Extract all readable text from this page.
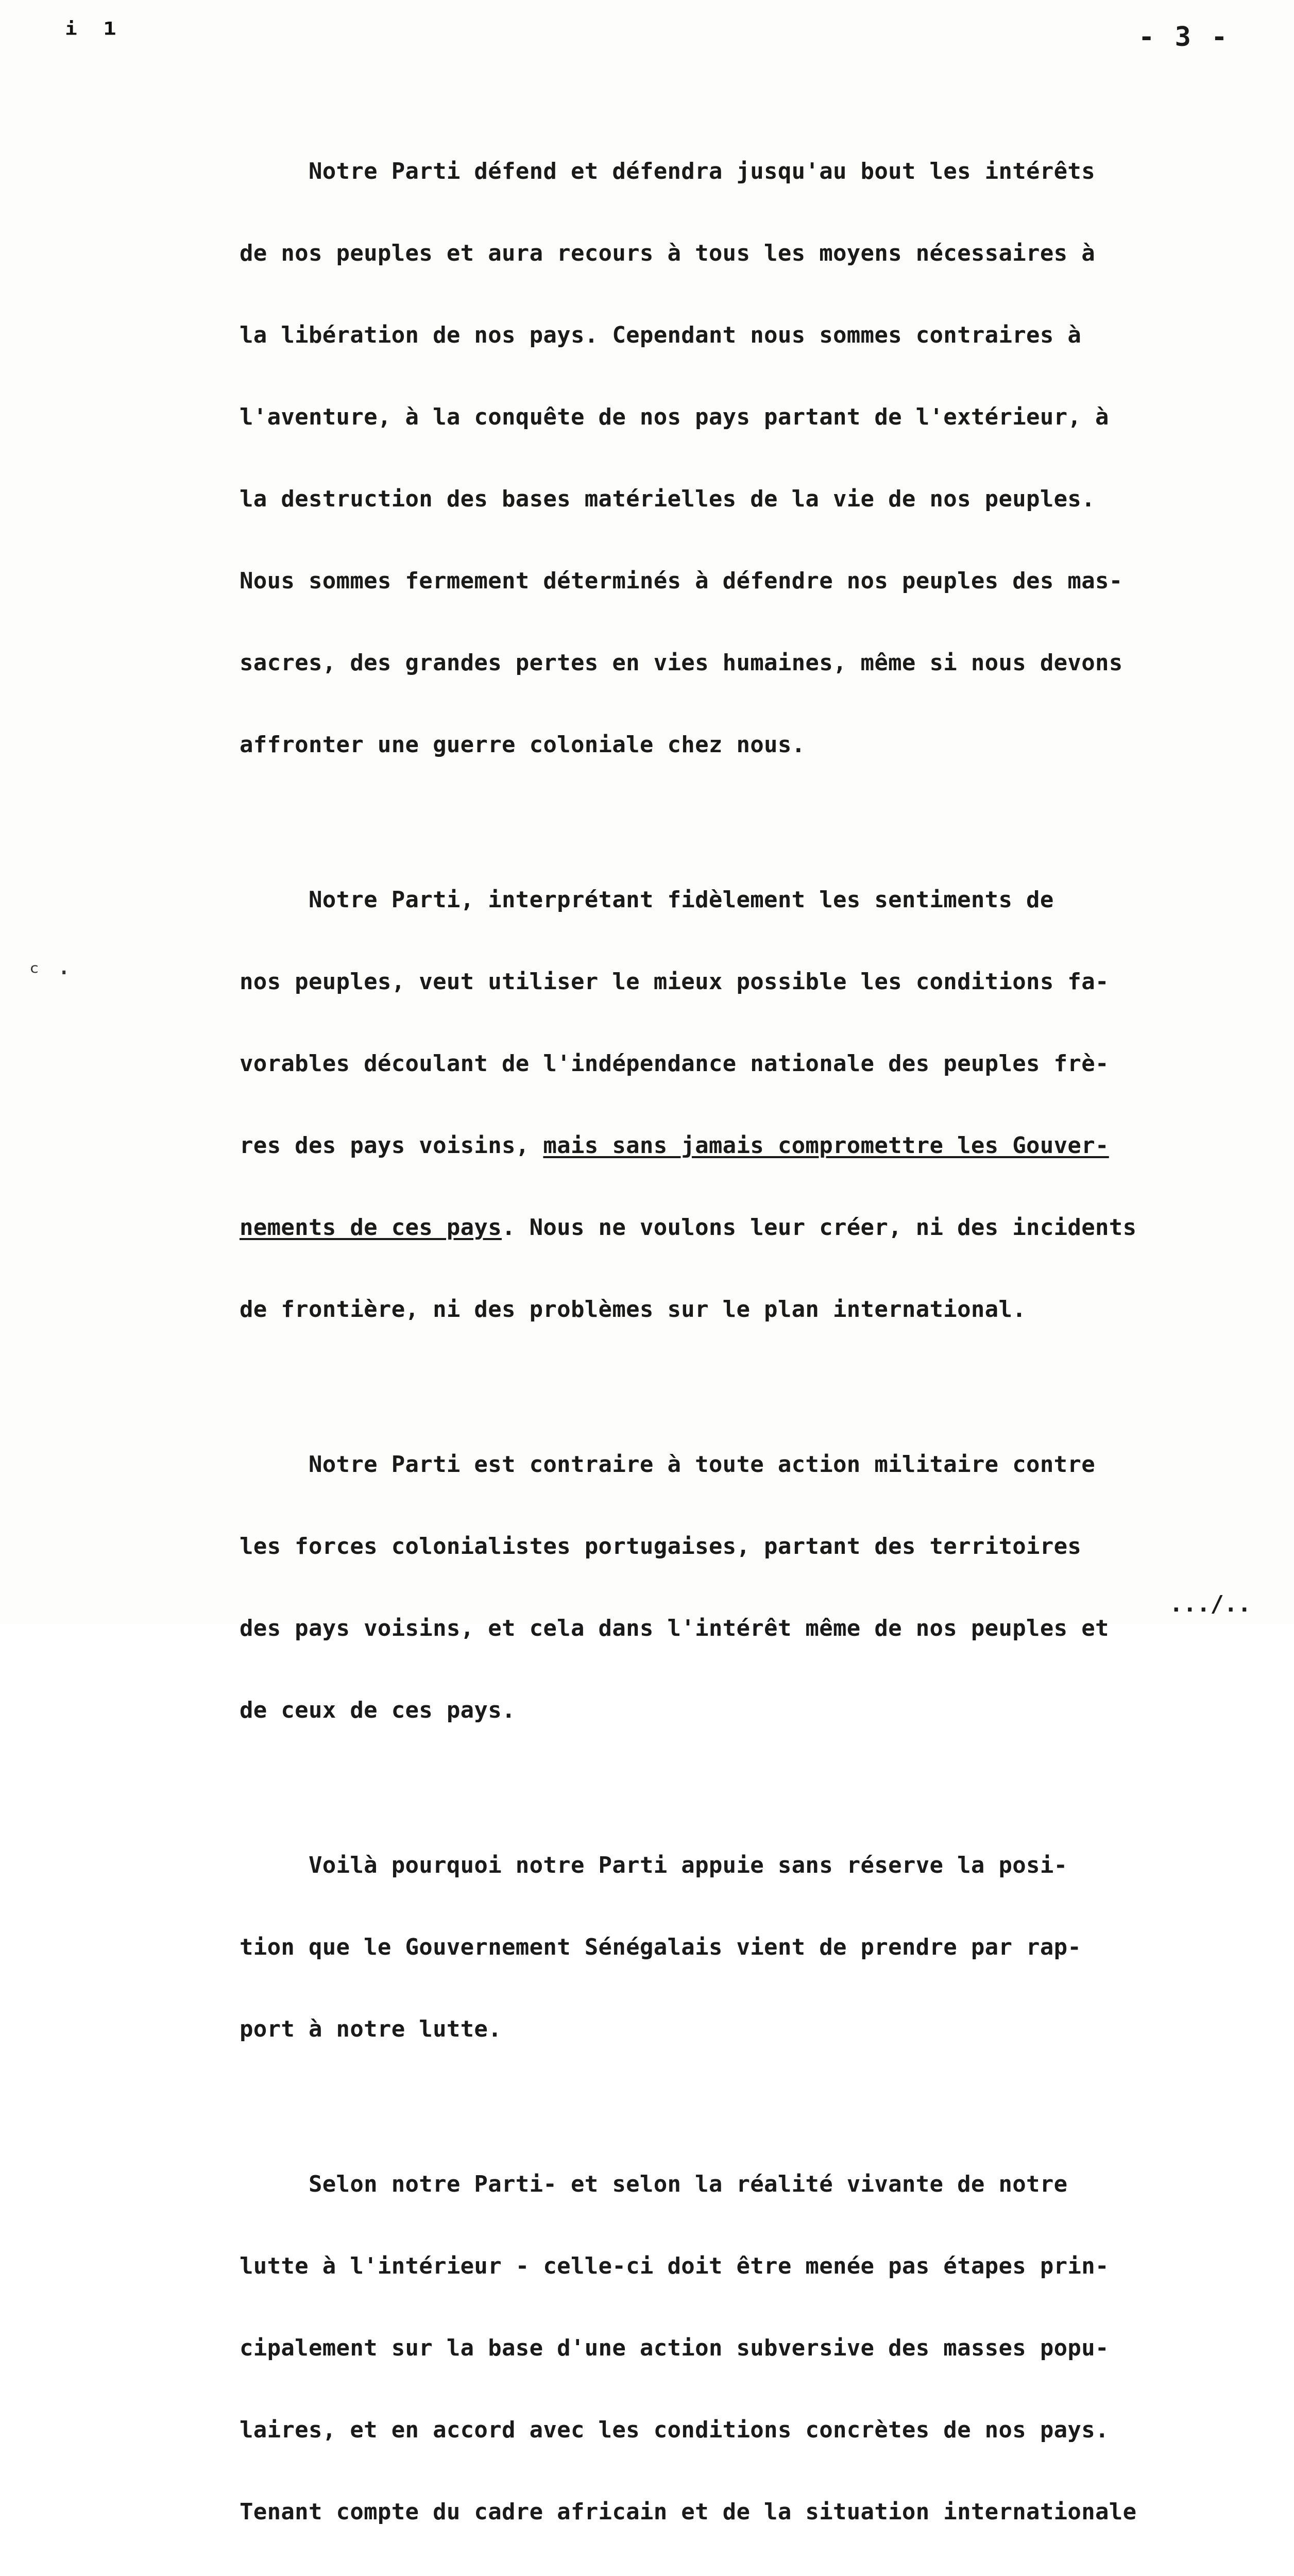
ⁱ ¹
ᶜ ·
- 3 -

Notre Parti défend et défendra jusqu'au bout les intérêts

de nos peuples et aura recours à tous les moyens nécessaires à

la libération de nos pays. Cependant nous sommes contraires à

l'aventure, à la conquête de nos pays partant de l'extérieur, à

la destruction des bases matérielles de la vie de nos peuples.

Nous sommes fermement déterminés à défendre nos peuples des mas-

sacres, des grandes pertes en vies humaines, même si nous devons

affronter une guerre coloniale chez nous.

Notre Parti, interprétant fidèlement les sentiments de

nos peuples, veut utiliser le mieux possible les conditions fa-

vorables découlant de l'indépendance nationale des peuples frè-

res des pays voisins, mais sans jamais compromettre les Gouver-

nements de ces pays. Nous ne voulons leur créer, ni des incidents

de frontière, ni des problèmes sur le plan international.

Notre Parti est contraire à toute action militaire contre

les forces colonialistes portugaises, partant des territoires

des pays voisins, et cela dans l'intérêt même de nos peuples et

de ceux de ces pays.

Voilà pourquoi notre Parti appuie sans réserve la posi-

tion que le Gouvernement Sénégalais vient de prendre par rap-

port à notre lutte.

Selon notre Parti- et selon la réalité vivante de notre

lutte à l'intérieur - celle-ci doit être menée pas étapes prin-

cipalement sur la base d'une action subversive des masses popu-

laires, et en accord avec les conditions concrètes de nos pays.

Tenant compte du cadre africain et de la situation internationale

.../..
